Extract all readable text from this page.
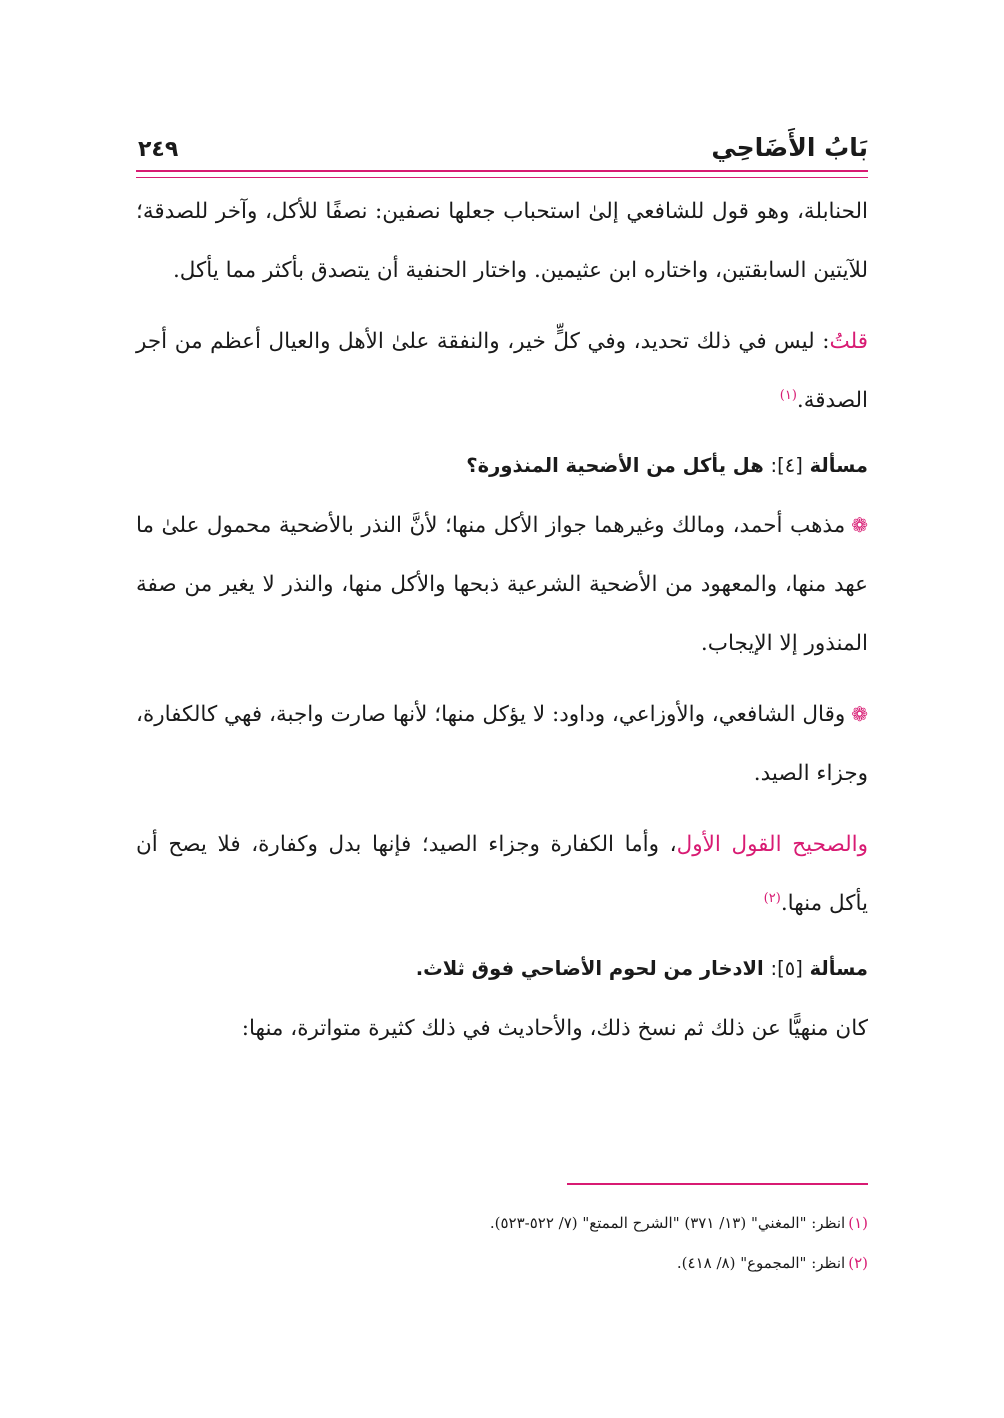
بَابُ الأَضَاحِي
٢٤٩

الحنابلة، وهو قول للشافعي إلىٰ استحباب جعلها نصفين: نصفًا للأكل، وآخر للصدقة؛ للآيتين السابقتين، واختاره ابن عثيمين. واختار الحنفية أن يتصدق بأكثر مما يأكل.

قلتُ: ليس في ذلك تحديد، وفي كلٍّ خير، والنفقة علىٰ الأهل والعيال أعظم من أجر الصدقة.$^{(١)}$

مسألة [٤]: هل يأكل من الأضحية المنذورة؟

❁مذهب أحمد، ومالك وغيرهما جواز الأكل منها؛ لأنَّ النذر بالأضحية محمول علىٰ ما عهد منها، والمعهود من الأضحية الشرعية ذبحها والأكل منها، والنذر لا يغير من صفة المنذور إلا الإيجاب.

❁وقال الشافعي، والأوزاعي، وداود: لا يؤكل منها؛ لأنها صارت واجبة، فهي كالكفارة، وجزاء الصيد.

والصحيح القول الأول، وأما الكفارة وجزاء الصيد؛ فإنها بدل وكفارة، فلا يصح أن يأكل منها.$^{(٢)}$

مسألة [٥]: الادخار من لحوم الأضاحي فوق ثلاث.

كان منهيًّا عن ذلك ثم نسخ ذلك، والأحاديث في ذلك كثيرة متواترة، منها:

(١)انظر: "المغني" (١٣/ ٣٧١) "الشرح الممتع" (٧/ ٥٢٢-٥٢٣).
(٢)انظر: "المجموع" (٨/ ٤١٨).
